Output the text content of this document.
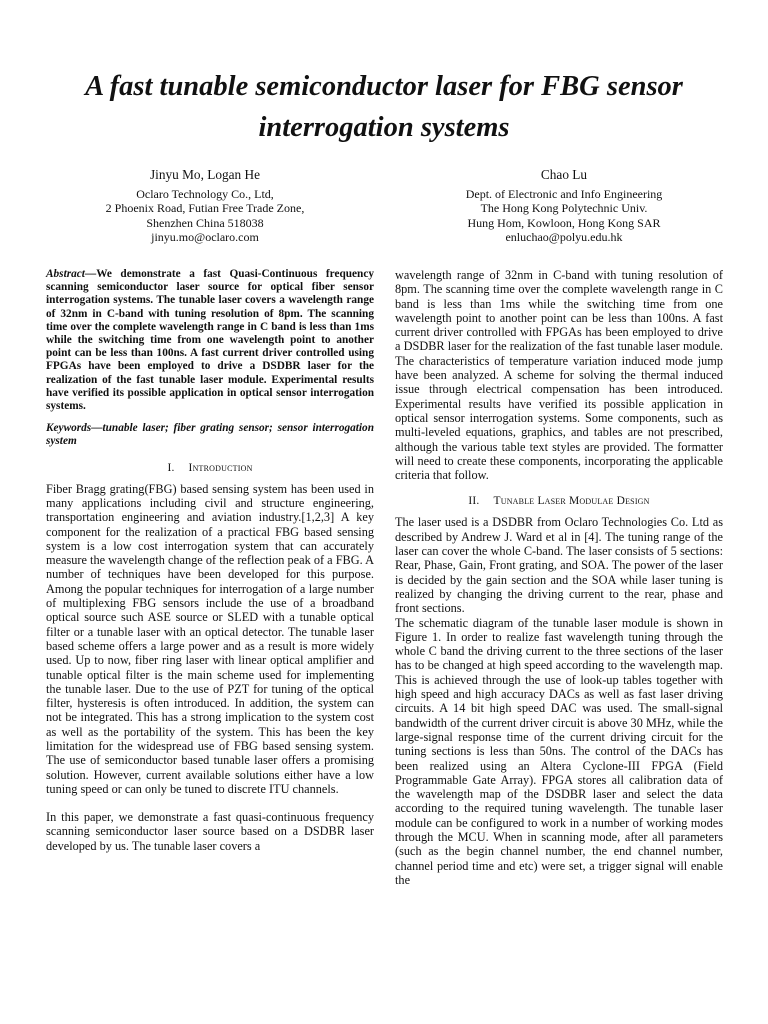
A fast tunable semiconductor laser for FBG sensor interrogation systems
Jinyu Mo, Logan He
Oclaro Technology Co., Ltd,
2 Phoenix Road, Futian Free Trade Zone,
Shenzhen China 518038
jinyu.mo@oclaro.com
Chao Lu
Dept. of Electronic and Info Engineering
The Hong Kong Polytechnic Univ.
Hung Hom, Kowloon, Hong Kong SAR
enluchao@polyu.edu.hk

Abstract—We demonstrate a fast Quasi-Continuous frequency scanning semiconductor laser source for optical fiber sensor interrogation systems. The tunable laser covers a wavelength range of 32nm in C-band with tuning resolution of 8pm. The scanning time over the complete wavelength range in C band is less than 1ms while the switching time from one wavelength point to another point can be less than 100ns. A fast current driver controlled using FPGAs have been employed to drive a DSDBR laser for the realization of the fast tunable laser module. Experimental results have verified its possible application in optical sensor interrogation systems.

Keywords—tunable laser; fiber grating sensor; sensor interrogation system

I. Introduction

Fiber Bragg grating(FBG) based sensing system has been used in many applications including civil and structure engineering, transportation engineering and aviation industry.[1,2,3] A key component for the realization of a practical FBG based sensing system is a low cost interrogation system that can accurately measure the wavelength change of the reflection peak of a FBG. A number of techniques have been developed for this purpose. Among the popular techniques for interrogation of a large number of multiplexing FBG sensors include the use of a broadband optical source such ASE source or SLED with a tunable optical filter or a tunable laser with an optical detector. The tunable laser based scheme offers a large power and as a result is more widely used. Up to now, fiber ring laser with linear optical amplifier and tunable optical filter is the main scheme used for implementing the tunable laser. Due to the use of PZT for tuning of the optical filter, hysteresis is often introduced. In addition, the system can not be integrated. This has a strong implication to the system cost as well as the portability of the system. This has been the key limitation for the widespread use of FBG based sensing system. The use of semiconductor based tunable laser offers a promising solution. However, current available solutions either have a low tuning speed or can only be tuned to discrete ITU channels.

In this paper, we demonstrate a fast quasi-continuous frequency scanning semiconductor laser source based on a DSDBR laser developed by us. The tunable laser covers a

wavelength range of 32nm in C-band with tuning resolution of 8pm. The scanning time over the complete wavelength range in C band is less than 1ms while the switching time from one wavelength point to another point can be less than 100ns. A fast current driver controlled with FPGAs has been employed to drive a DSDBR laser for the realization of the fast tunable laser module. The characteristics of temperature variation induced mode jump have been analyzed. A scheme for solving the thermal induced issue through electrical compensation has been introduced. Experimental results have verified its possible application in optical sensor interrogation systems. Some components, such as multi-leveled equations, graphics, and tables are not prescribed, although the various table text styles are provided. The formatter will need to create these components, incorporating the applicable criteria that follow.

II. Tunable Laser Modulae Design

The laser used is a DSDBR from Oclaro Technologies Co. Ltd as described by Andrew J. Ward et al in [4]. The tuning range of the laser can cover the whole C-band. The laser consists of 5 sections: Rear, Phase, Gain, Front grating, and SOA. The power of the laser is decided by the gain section and the SOA while laser tuning is realized by changing the driving current to the rear, phase and front sections.

The schematic diagram of the tunable laser module is shown in Figure 1. In order to realize fast wavelength tuning through the whole C band the driving current to the three sections of the laser has to be changed at high speed according to the wavelength map. This is achieved through the use of look-up tables together with high speed and high accuracy DACs as well as fast laser driving circuits. A 14 bit high speed DAC was used. The small-signal bandwidth of the current driver circuit is above 30 MHz, while the large-signal response time of the current driving circuit for the tuning sections is less than 50ns. The control of the DACs has been realized using an Altera Cyclone-III FPGA (Field Programmable Gate Array). FPGA stores all calibration data of the wavelength map of the DSDBR laser and select the data according to the required tuning wavelength. The tunable laser module can be configured to work in a number of working modes through the MCU. When in scanning mode, after all parameters (such as the begin channel number, the end channel number, channel period time and etc) were set, a trigger signal will enable the
